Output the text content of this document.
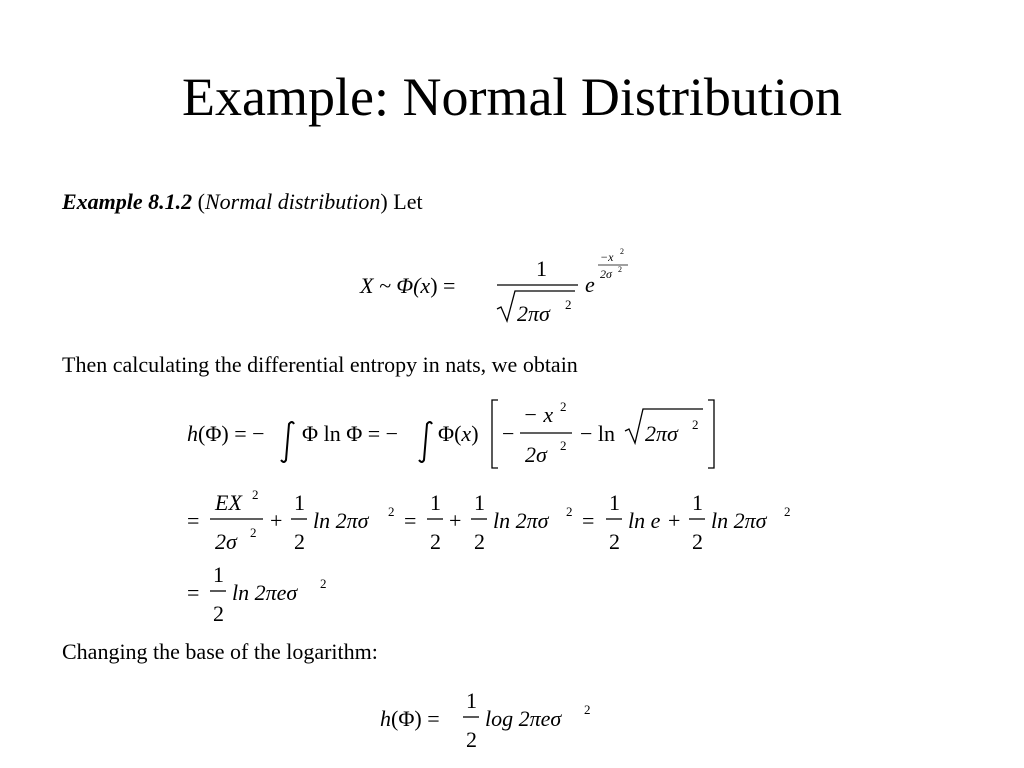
Example: Normal Distribution
Example 8.1.2 (Normal distribution) Let
X ~ Φ(x) =
1
2πσ 2
e
−x 2
2σ 2
h(Φ) = − Φ ln Φ = − Φ(x) −
− x 2
2σ 2 − ln 2πσ 2
=
EX 2
2σ 2 +
1
2
ln 2πσ 2 =
1
2
+
1
2
ln 2πσ 2 =
1
2
ln e +
1
2
ln 2πσ 2
=
1
2
ln 2πeσ 2
h(Φ) =
1
2
log 2πeσ 2
Then calculating the differential entropy in nats, we obtain
Changing the base of the logarithm:
